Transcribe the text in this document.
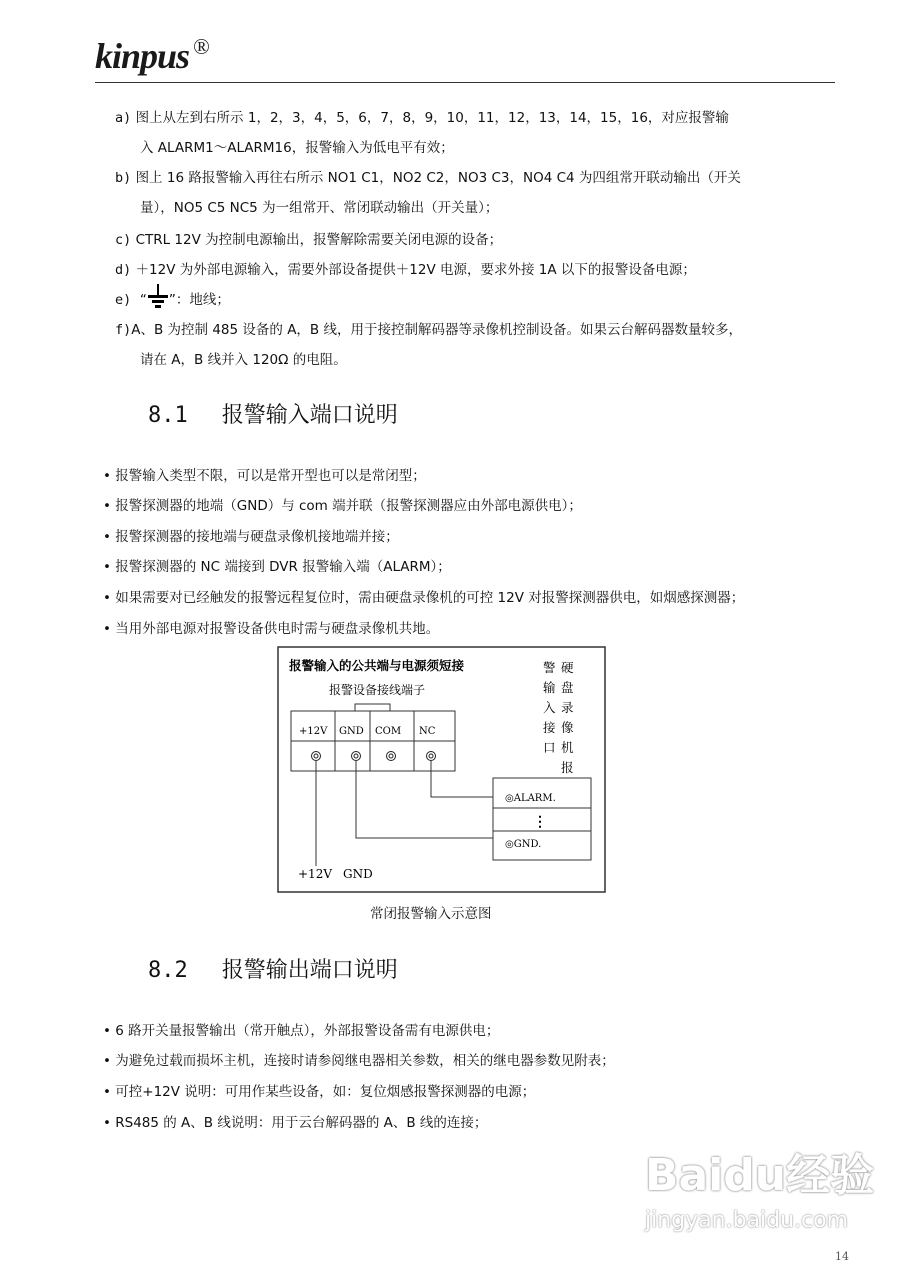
kinpus ®
a) 图上从左到右所示 1，2，3，4，5，6，7，8，9，10，11，12，13，14，15，16，对应报警输
入 ALARM1～ALARM16，报警输入为低电平有效；
b) 图上 16 路报警输入再往右所示 NO1 C1，NO2 C2，NO3 C3，NO4 C4 为四组常开联动输出（开关
量），NO5 C5 NC5 为一组常开、常闭联动输出（开关量）；
c) CTRL 12V 为控制电源输出，报警解除需要关闭电源的设备；
d) ＋12V 为外部电源输入，需要外部设备提供＋12V 电源，要求外接 1A 以下的报警设备电源；
e) “ ”：地线；
f)A、B 为控制 485 设备的 A，B 线，用于接控制解码器等录像机控制设备。如果云台解码器数量较多，
请在 A，B 线并入 120Ω 的电阻。
8.1 报警输入端口说明
• 报警输入类型不限，可以是常开型也可以是常闭型；
• 报警探测器的地端（GND）与 com 端并联（报警探测器应由外部电源供电）；
• 报警探测器的接地端与硬盘录像机接地端并接；
• 报警探测器的 NC 端接到 DVR 报警输入端（ALARM）；
• 如果需要对已经触发的报警远程复位时，需由硬盘录像机的可控 12V 对报警探测器供电，如烟感探测器；
• 当用外部电源对报警设备供电时需与硬盘录像机共地。
报警输入的公共端与电源须短接
报警设备接线端子
+12V GND COM NC
◎ALARM.
⋮
◎GND.
警
输
入
接
口
硬
盘
录
像
机
报
+12V GND
常闭报警输入示意图
8.2 报警输出端口说明
• 6 路开关量报警输出（常开触点），外部报警设备需有电源供电；
• 为避免过载而损坏主机，连接时请参阅继电器相关参数，相关的继电器参数见附表；
• 可控+12V 说明：可用作某些设备，如：复位烟感报警探测器的电源；
• RS485 的 A、B 线说明：用于云台解码器的 A、B 线的连接；
Baidu经验
jingyan.baidu.com
14
